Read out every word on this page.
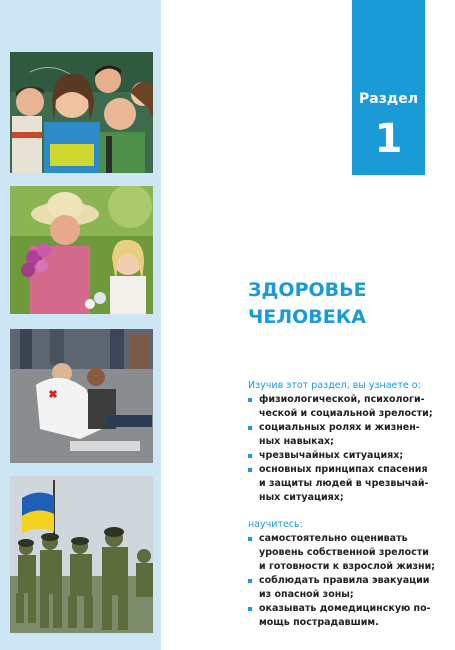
Раздел
1
ЗДОРОВЬЕ
ЧЕЛОВЕКА
Изучив этот раздел, вы узнаете о:
физиологической, психологи-
ческой и социальной зрелости;
социальных ролях и жизнен-
ных навыках;
чрезвычайных ситуациях;
основных принципах спасения
и защиты людей в чрезвычай-
ных ситуациях;
научитесь:
самостоятельно оценивать
уровень собственной зрелости
и готовности к взрослой жизни;
соблюдать правила эвакуации
из опасной зоны;
оказывать домедицинскую по-
мощь пострадавшим.
